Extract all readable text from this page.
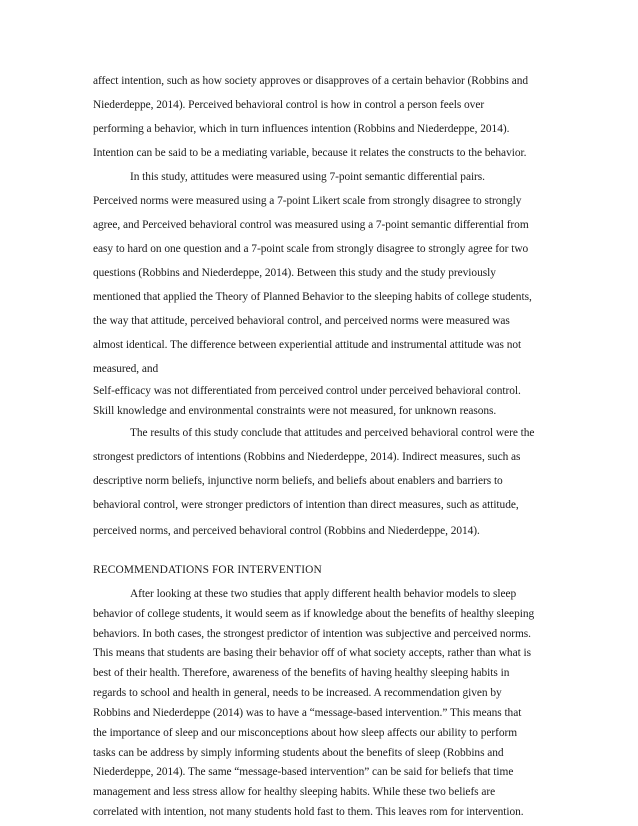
affect intention, such as how society approves or disapproves of a certain behavior (Robbins and
Niederdeppe, 2014). Perceived behavioral control is how in control a person feels over
performing a behavior, which in turn influences intention (Robbins and Niederdeppe, 2014).
Intention can be said to be a mediating variable, because it relates the constructs to the behavior.
In this study, attitudes were measured using 7-point semantic differential pairs.
Perceived norms were measured using a 7-point Likert scale from strongly disagree to strongly
agree, and Perceived behavioral control was measured using a 7-point semantic differential from
easy to hard on one question and a 7-point scale from strongly disagree to strongly agree for two
questions (Robbins and Niederdeppe, 2014). Between this study and the study previously
mentioned that applied the Theory of Planned Behavior to the sleeping habits of college students,
the way that attitude, perceived behavioral control, and perceived norms were measured was
almost identical. The difference between experiential attitude and instrumental attitude was not
measured, and
Self-efficacy was not differentiated from perceived control under perceived behavioral control.
Skill knowledge and environmental constraints were not measured, for unknown reasons.
The results of this study conclude that attitudes and perceived behavioral control were the
strongest predictors of intentions (Robbins and Niederdeppe, 2014). Indirect measures, such as
descriptive norm beliefs, injunctive norm beliefs, and beliefs about enablers and barriers to
behavioral control, were stronger predictors of intention than direct measures, such as attitude,
perceived norms, and perceived behavioral control (Robbins and Niederdeppe, 2014).
RECOMMENDATIONS FOR INTERVENTION
After looking at these two studies that apply different health behavior models to sleep
behavior of college students, it would seem as if knowledge about the benefits of healthy sleeping
behaviors. In both cases, the strongest predictor of intention was subjective and perceived norms.
This means that students are basing their behavior off of what society accepts, rather than what is
best of their health. Therefore, awareness of the benefits of having healthy sleeping habits in
regards to school and health in general, needs to be increased. A recommendation given by
Robbins and Niederdeppe (2014) was to have a “message-based intervention.” This means that
the importance of sleep and our misconceptions about how sleep affects our ability to perform
tasks can be address by simply informing students about the benefits of sleep (Robbins and
Niederdeppe, 2014). The same “message-based intervention” can be said for beliefs that time
management and less stress allow for healthy sleeping habits. While these two beliefs are
correlated with intention, not many students hold fast to them. This leaves rom for intervention.
